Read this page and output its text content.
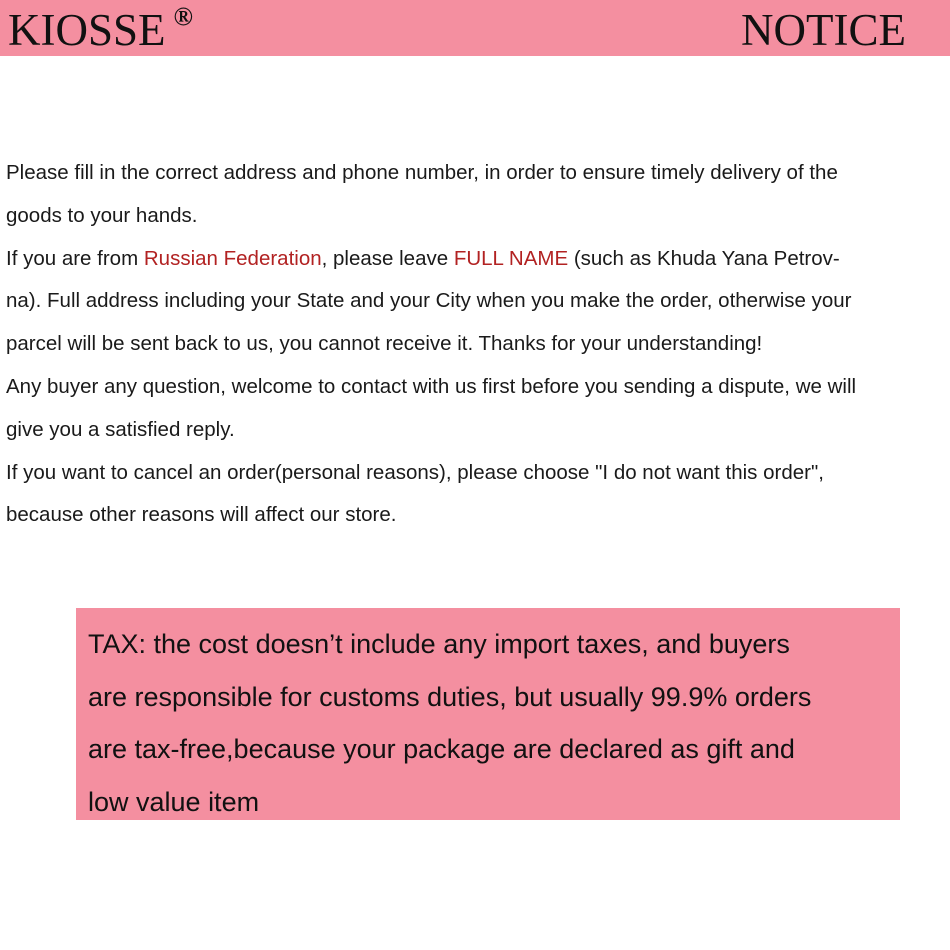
KIOSSE ®	NOTICE
Please fill in the correct address and phone number, in order to ensure timely delivery of the
goods to your hands.
If you are from Russian Federation, please leave FULL NAME (such as Khuda Yana Petrov-
na). Full address including your State and your City when you make the order, otherwise your
parcel will be sent back to us, you cannot receive it. Thanks for your understanding!
Any buyer any question, welcome to contact with us first before you sending a dispute, we will
give you a satisfied reply.
If you want to cancel an order(personal reasons), please choose "I do not want this order",
because other reasons will affect our store.
TAX: the cost doesn’t include any import taxes, and buyers
are responsible for customs duties, but usually 99.9% orders
are tax-free,because your package are declared as gift and
low value item
